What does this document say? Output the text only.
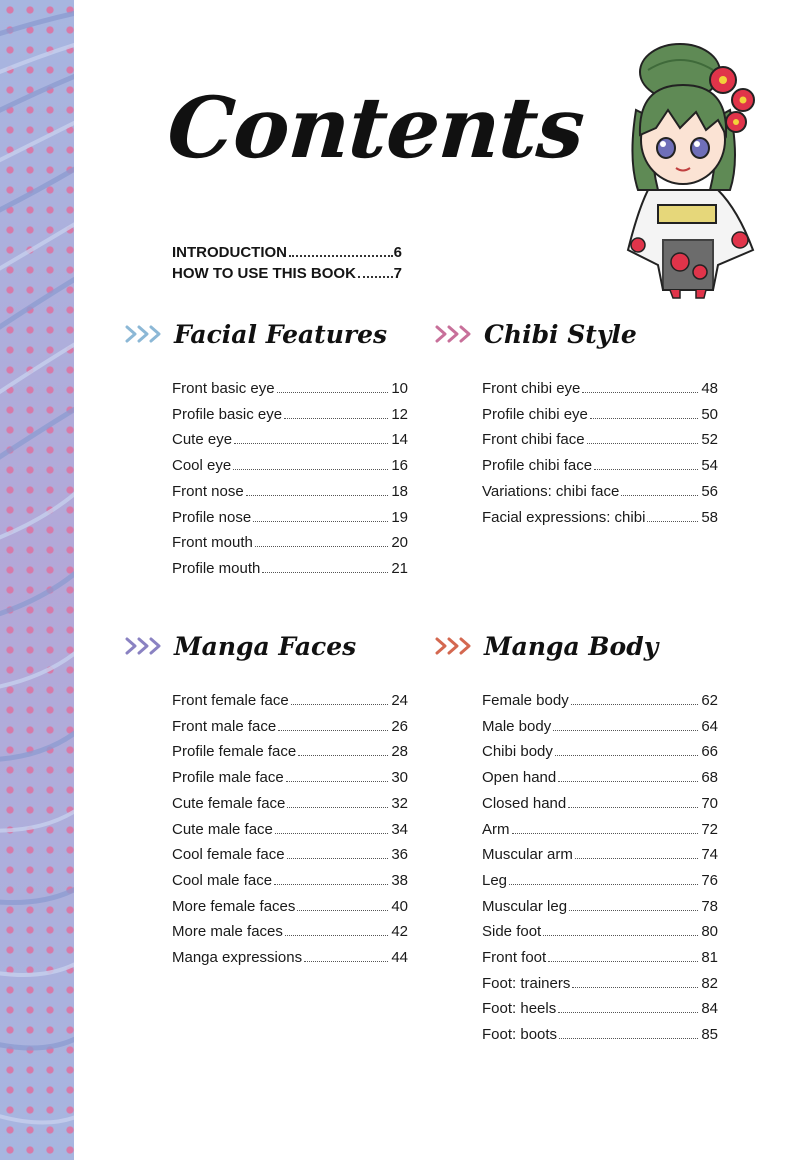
Contents
INTRODUCTION	6
HOW TO USE THIS BOOK	7
Facial Features
Front basic eye	10
Profile basic eye	12
Cute eye	14
Cool eye	16
Front nose	18
Profile nose	19
Front mouth	20
Profile mouth	21
Chibi Style
Front chibi eye	48
Profile chibi eye	50
Front chibi face	52
Profile chibi face	54
Variations: chibi face	56
Facial expressions: chibi	58
Manga Faces
Front female face	24
Front male face	26
Profile female face	28
Profile male face	30
Cute female face	32
Cute male face	34
Cool female face	36
Cool male face	38
More female faces	40
More male faces	42
Manga expressions	44
Manga Body
Female body	62
Male body	64
Chibi body	66
Open hand	68
Closed hand	70
Arm	72
Muscular arm	74
Leg	76
Muscular leg	78
Side foot	80
Front foot	81
Foot: trainers	82
Foot: heels	84
Foot: boots	85
